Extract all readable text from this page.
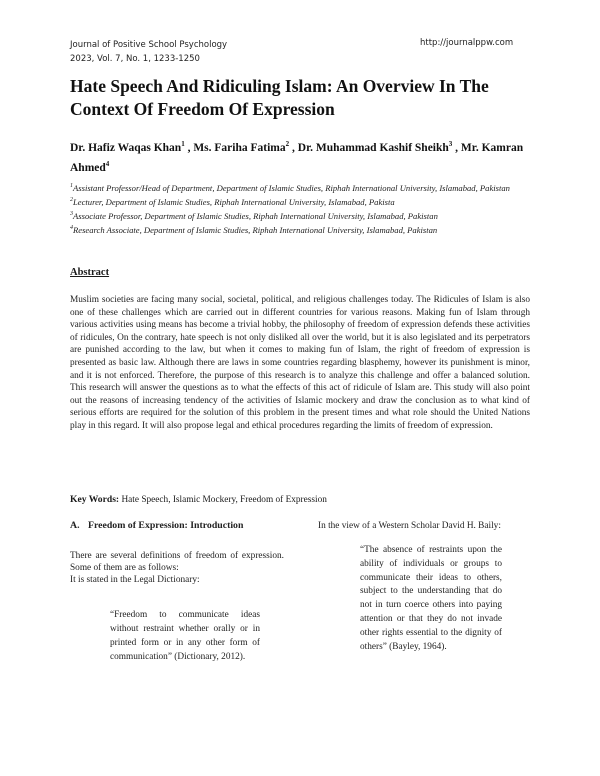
Journal of Positive School Psychology
2023, Vol. 7, No. 1, 1233-1250
http://journalppw.com
Hate Speech And Ridiculing Islam: An Overview In The Context Of Freedom Of Expression
Dr. Hafiz Waqas Khan$^1$ , Ms. Fariha Fatima$^2$ , Dr. Muhammad Kashif Sheikh$^3$ , Mr. Kamran Ahmed$^4$

$^1$Assistant Professor/Head of Department, Department of Islamic Studies, Riphah International University, Islamabad, Pakistan

$^2$Lecturer, Department of Islamic Studies, Riphah International University, Islamabad, Pakista

$^3$Associate Professor, Department of Islamic Studies, Riphah International University, Islamabad, Pakistan

$^4$Research Associate, Department of Islamic Studies, Riphah International University, Islamabad, Pakistan

Abstract
Muslim societies are facing many social, societal, political, and religious challenges today. The Ridicules of Islam is also one of these challenges which are carried out in different countries for various reasons. Making fun of Islam through various activities using means has become a trivial hobby, the philosophy of freedom of expression defends these activities of ridicules, On the contrary, hate speech is not only disliked all over the world, but it is also legislated and its perpetrators are punished according to the law, but when it comes to making fun of Islam, the right of freedom of expression is presented as basic law. Although there are laws in some countries regarding blasphemy, however its punishment is minor, and it is not enforced. Therefore, the purpose of this research is to analyze this challenge and offer a balanced solution. This research will answer the questions as to what the effects of this act of ridicule of Islam are. This study will also point out the reasons of increasing tendency of the activities of Islamic mockery and draw the conclusion as to what kind of serious efforts are required for the solution of this problem in the present times and what role should the United Nations play in this regard. It will also propose legal and ethical procedures regarding the limits of freedom of expression.
Key Words: Hate Speech, Islamic Mockery, Freedom of Expression

A. Freedom of Expression: Introduction

There are several definitions of freedom of expression. Some of them are as follows:

It is stated in the Legal Dictionary:

“Freedom to communicate ideas without restraint whether orally or in printed form or in any other form of communication” (Dictionary, 2012).

In the view of a Western Scholar David H. Baily:

“The absence of restraints upon the ability of individuals or groups to communicate their ideas to others, subject to the understanding that do not in turn coerce others into paying attention or that they do not invade other rights essential to the dignity of others” (Bayley, 1964).
